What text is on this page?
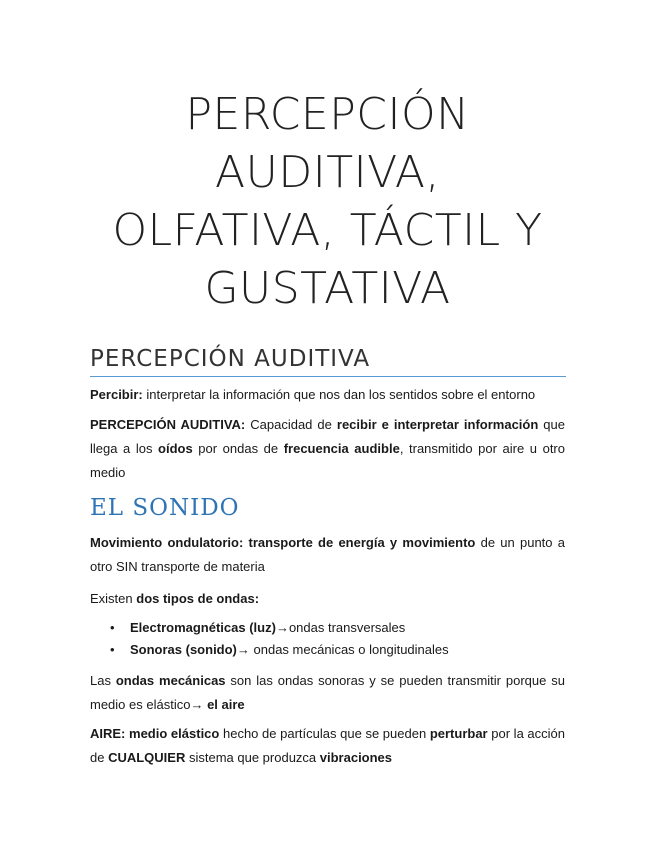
PERCEPCIÓN
AUDITIVA,
OLFATIVA, TÁCTIL Y
GUSTATIVA
PERCEPCIÓN AUDITIVA
Percibir: interpretar la información que nos dan los sentidos sobre el entorno
PERCEPCIÓN AUDITIVA: Capacidad de recibir e interpretar información que llega a los oídos por ondas de frecuencia audible, transmitido por aire u otro medio
EL SONIDO
Movimiento ondulatorio: transporte de energía y movimiento de un punto a otro SIN transporte de materia
Existen dos tipos de ondas:
• Electromagnéticas (luz)→ondas transversales
• Sonoras (sonido)→ ondas mecánicas o longitudinales
Las ondas mecánicas son las ondas sonoras y se pueden transmitir porque su medio es elástico→ el aire
AIRE: medio elástico hecho de partículas que se pueden perturbar por la acción de CUALQUIER sistema que produzca vibraciones
